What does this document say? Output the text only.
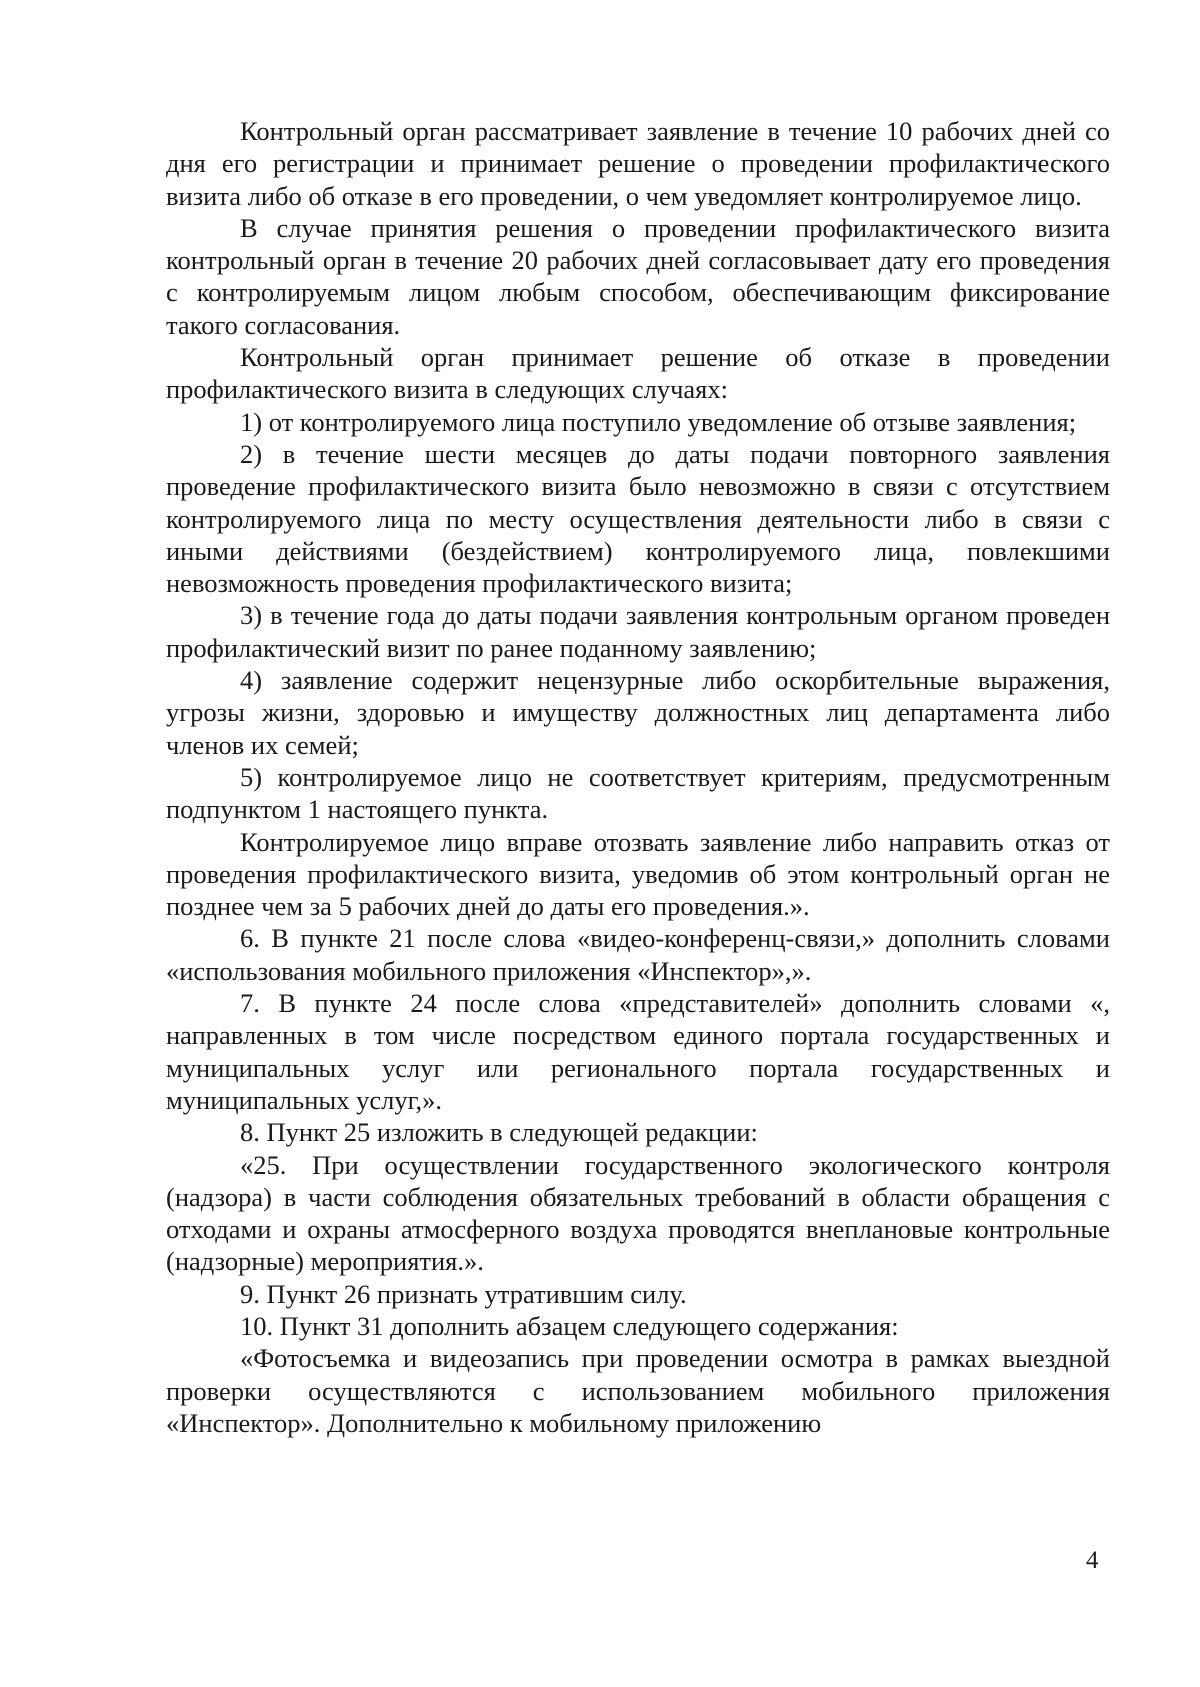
Контрольный орган рассматривает заявление в течение 10 рабочих дней со дня его регистрации и принимает решение о проведении профилактического визита либо об отказе в его проведении, о чем уведомляет контролируемое лицо.

В случае принятия решения о проведении профилактического визита контрольный орган в течение 20 рабочих дней согласовывает дату его проведения с контролируемым лицом любым способом, обеспечивающим фиксирование такого согласования.

Контрольный орган принимает решение об отказе в проведении профилактического визита в следующих случаях:

1) от контролируемого лица поступило уведомление об отзыве заявления;

2) в течение шести месяцев до даты подачи повторного заявления проведение профилактического визита было невозможно в связи с отсутствием контролируемого лица по месту осуществления деятельности либо в связи с иными действиями (бездействием) контролируемого лица, повлекшими невозможность проведения профилактического визита;

3) в течение года до даты подачи заявления контрольным органом проведен профилактический визит по ранее поданному заявлению;

4) заявление содержит нецензурные либо оскорбительные выражения, угрозы жизни, здоровью и имуществу должностных лиц департамента либо членов их семей;

5) контролируемое лицо не соответствует критериям, предусмотренным подпунктом 1 настоящего пункта.

Контролируемое лицо вправе отозвать заявление либо направить отказ от проведения профилактического визита, уведомив об этом контрольный орган не позднее чем за 5 рабочих дней до даты его проведения.».

6. В пункте 21 после слова «видео-конференц-связи,» дополнить словами «использования мобильного приложения «Инспектор»,».

7. В пункте 24 после слова «представителей» дополнить словами «, направленных в том числе посредством единого портала государственных и муниципальных услуг или регионального портала государственных и муниципальных услуг,».

8. Пункт 25 изложить в следующей редакции:

«25. При осуществлении государственного экологического контроля (надзора) в части соблюдения обязательных требований в области обращения с отходами и охраны атмосферного воздуха проводятся внеплановые контрольные (надзорные) мероприятия.».

9. Пункт 26 признать утратившим силу.

10. Пункт 31 дополнить абзацем следующего содержания:

«Фотосъемка и видеозапись при проведении осмотра в рамках выездной проверки осуществляются с использованием мобильного приложения «Инспектор». Дополнительно к мобильному приложению

4
